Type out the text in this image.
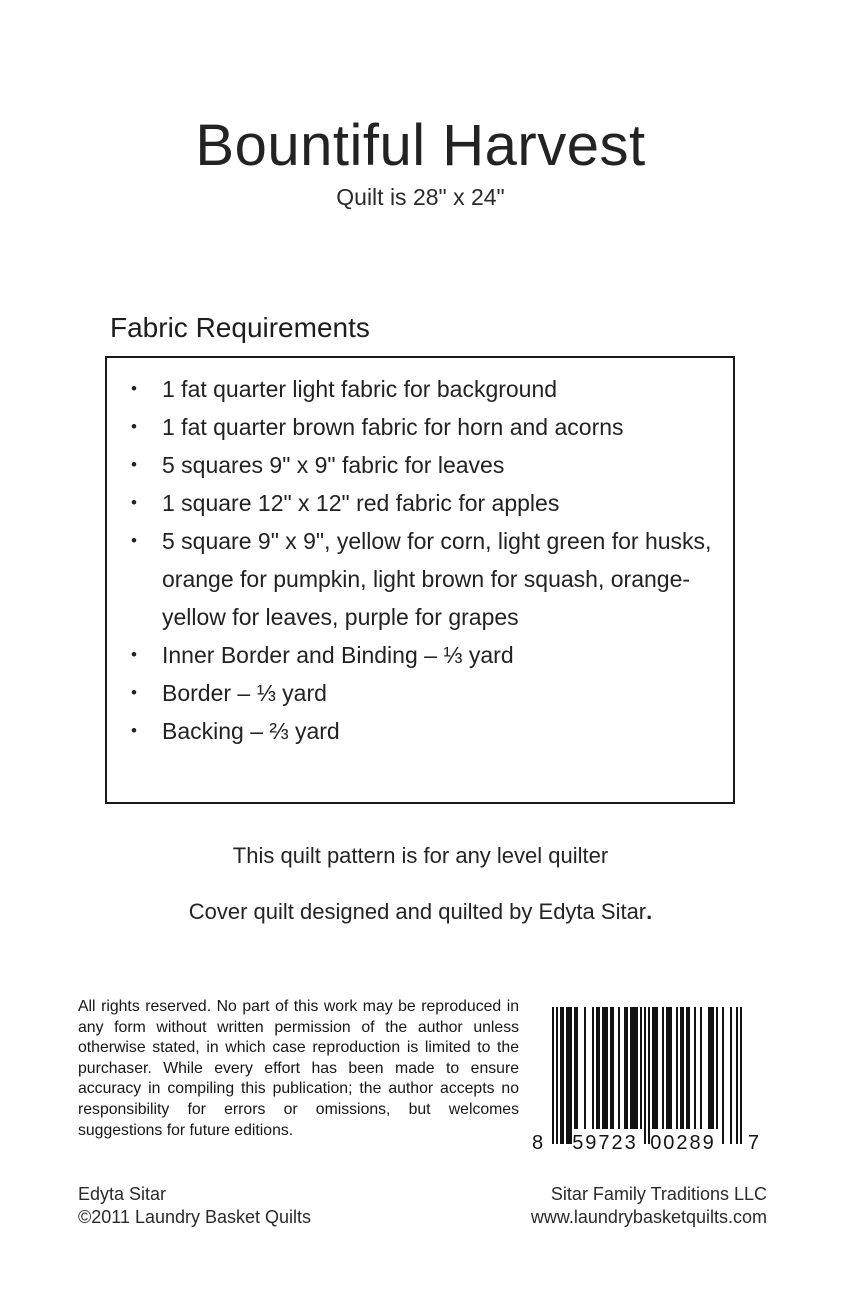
Bountiful Harvest
Quilt is 28" x 24"
Fabric Requirements
• 1 fat quarter light fabric for background
• 1 fat quarter brown fabric for horn and acorns
• 5 squares 9" x 9" fabric for leaves
• 1 square 12" x 12" red fabric for apples
• 5 square 9" x 9", yellow for corn, light green for husks, orange for pumpkin, light brown for squash, orange-yellow for leaves, purple for grapes
• Inner Border and Binding – ⅓ yard
• Border – ⅓ yard
• Backing – ⅔ yard
This quilt pattern is for any level quilter
Cover quilt designed and quilted by Edyta Sitar.
All rights reserved. No part of this work may be reproduced in any form without written permission of the author unless otherwise stated, in which case reproduction is limited to the purchaser. While every effort has been made to ensure accuracy in compiling this publication; the author accepts no responsibility for errors or omissions, but welcomes suggestions for future editions.
8 59723 00289 7
Edyta Sitar
©2011 Laundry Basket Quilts
Sitar Family Traditions LLC
www.laundrybasketquilts.com
